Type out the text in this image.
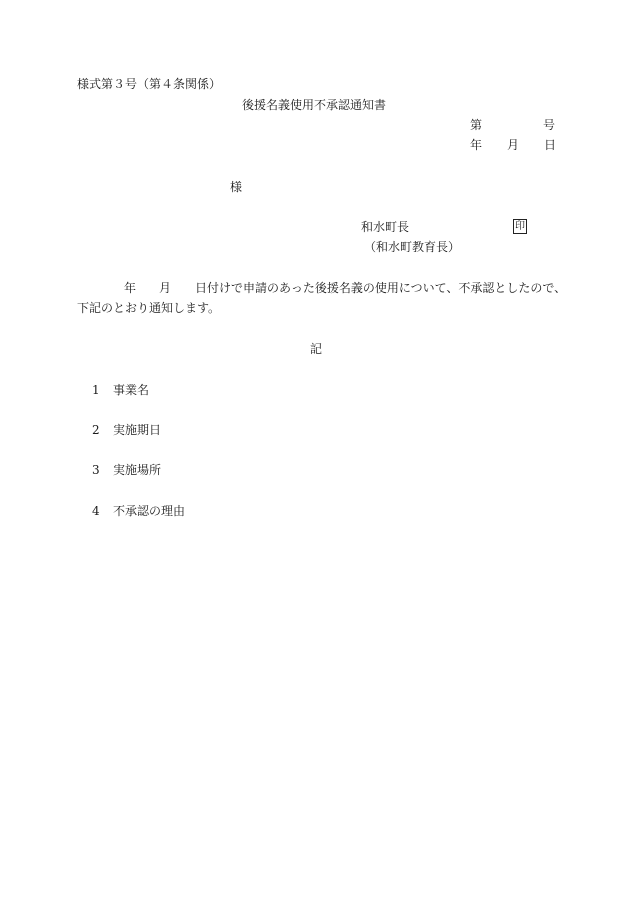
様式第３号（第４条関係）
後援名義使用不承認通知書
第	号
年 月 日
様
和水町長	印
（和水町教育長）
年 月 日付けで申請のあった後援名義の使用について、不承認としたので、
下記のとおり通知します。
記
1 事業名
2 実施期日
3 実施場所
4 不承認の理由
